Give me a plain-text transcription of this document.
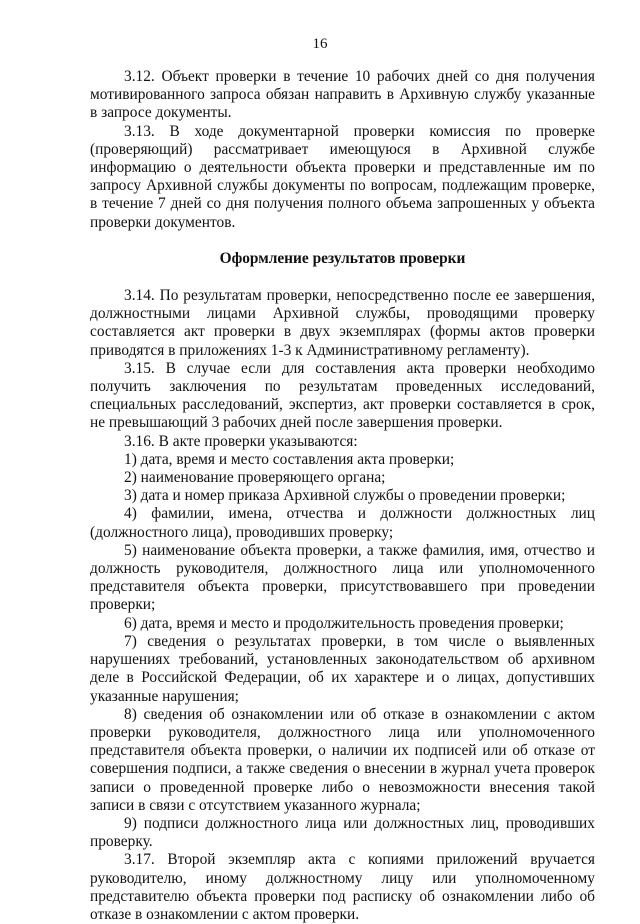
16

3.12. Объект проверки в течение 10 рабочих дней со дня получения мотивированного запроса обязан направить в Архивную службу указанные в запросе документы.

3.13. В ходе документарной проверки комиссия по проверке (проверяющий) рассматривает имеющуюся в Архивной службе информацию о деятельности объекта проверки и представленные им по запросу Архивной службы документы по вопросам, подлежащим проверке, в течение 7 дней со дня получения полного объема запрошенных у объекта проверки документов.

Оформление результатов проверки

3.14. По результатам проверки, непосредственно после ее завершения, должностными лицами Архивной службы, проводящими проверку составляется акт проверки в двух экземплярах (формы актов проверки приводятся в приложениях 1-3 к Административному регламенту).

3.15. В случае если для составления акта проверки необходимо получить заключения по результатам проведенных исследований, специальных расследований, экспертиз, акт проверки составляется в срок, не превышающий 3 рабочих дней после завершения проверки.

3.16. В акте проверки указываются:

1) дата, время и место составления акта проверки;

2) наименование проверяющего органа;

3) дата и номер приказа Архивной службы о проведении проверки;

4) фамилии, имена, отчества и должности должностных лиц (должностного лица), проводивших проверку;

5) наименование объекта проверки, а также фамилия, имя, отчество и должность руководителя, должностного лица или уполномоченного представителя объекта проверки, присутствовавшего при проведении проверки;

6) дата, время и место и продолжительность проведения проверки;

7) сведения о результатах проверки, в том числе о выявленных нарушениях требований, установленных законодательством об архивном деле в Российской Федерации, об их характере и о лицах, допустивших указанные нарушения;

8) сведения об ознакомлении или об отказе в ознакомлении с актом проверки руководителя, должностного лица или уполномоченного представителя объекта проверки, о наличии их подписей или об отказе от совершения подписи, а также сведения о внесении в журнал учета проверок записи о проведенной проверке либо о невозможности внесения такой записи в связи с отсутствием указанного журнала;

9) подписи должностного лица или должностных лиц, проводивших проверку.

3.17. Второй экземпляр акта с копиями приложений вручается руководителю, иному должностному лицу или уполномоченному представителю объекта проверки под расписку об ознакомлении либо об отказе в ознакомлении с актом проверки.
